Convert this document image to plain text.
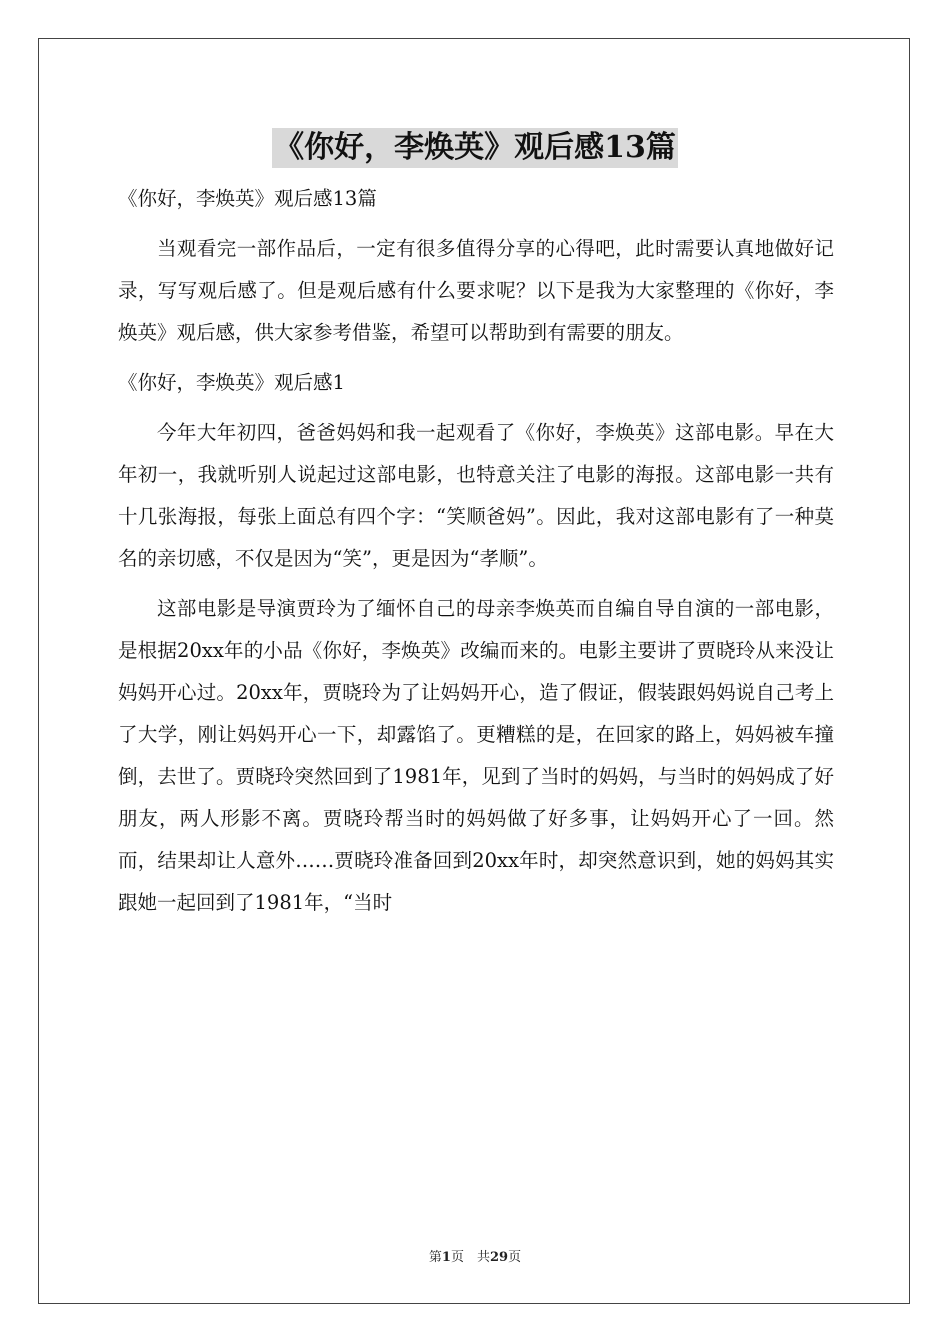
《你好，李焕英》观后感13篇

《你好，李焕英》观后感13篇

当观看完一部作品后，一定有很多值得分享的心得吧，此时需要认真地做好记录，写写观后感了。但是观后感有什么要求呢？以下是我为大家整理的《你好，李焕英》观后感，供大家参考借鉴，希望可以帮助到有需要的朋友。

《你好，李焕英》观后感1

今年大年初四，爸爸妈妈和我一起观看了《你好，李焕英》这部电影。早在大年初一，我就听别人说起过这部电影，也特意关注了电影的海报。这部电影一共有十几张海报，每张上面总有四个字：“笑顺爸妈”。因此，我对这部电影有了一种莫名的亲切感，不仅是因为“笑”，更是因为“孝顺”。

这部电影是导演贾玲为了缅怀自己的母亲李焕英而自编自导自演的一部电影，是根据20xx年的小品《你好，李焕英》改编而来的。电影主要讲了贾晓玲从来没让妈妈开心过。20xx年，贾晓玲为了让妈妈开心，造了假证，假装跟妈妈说自己考上了大学，刚让妈妈开心一下，却露馅了。更糟糕的是，在回家的路上，妈妈被车撞倒，去世了。贾晓玲突然回到了1981年，见到了当时的妈妈，与当时的妈妈成了好朋友，两人形影不离。贾晓玲帮当时的妈妈做了好多事，让妈妈开心了一回。然而，结果却让人意外……贾晓玲准备回到20xx年时，却突然意识到，她的妈妈其实跟她一起回到了1981年，“当时

第1页　共29页
